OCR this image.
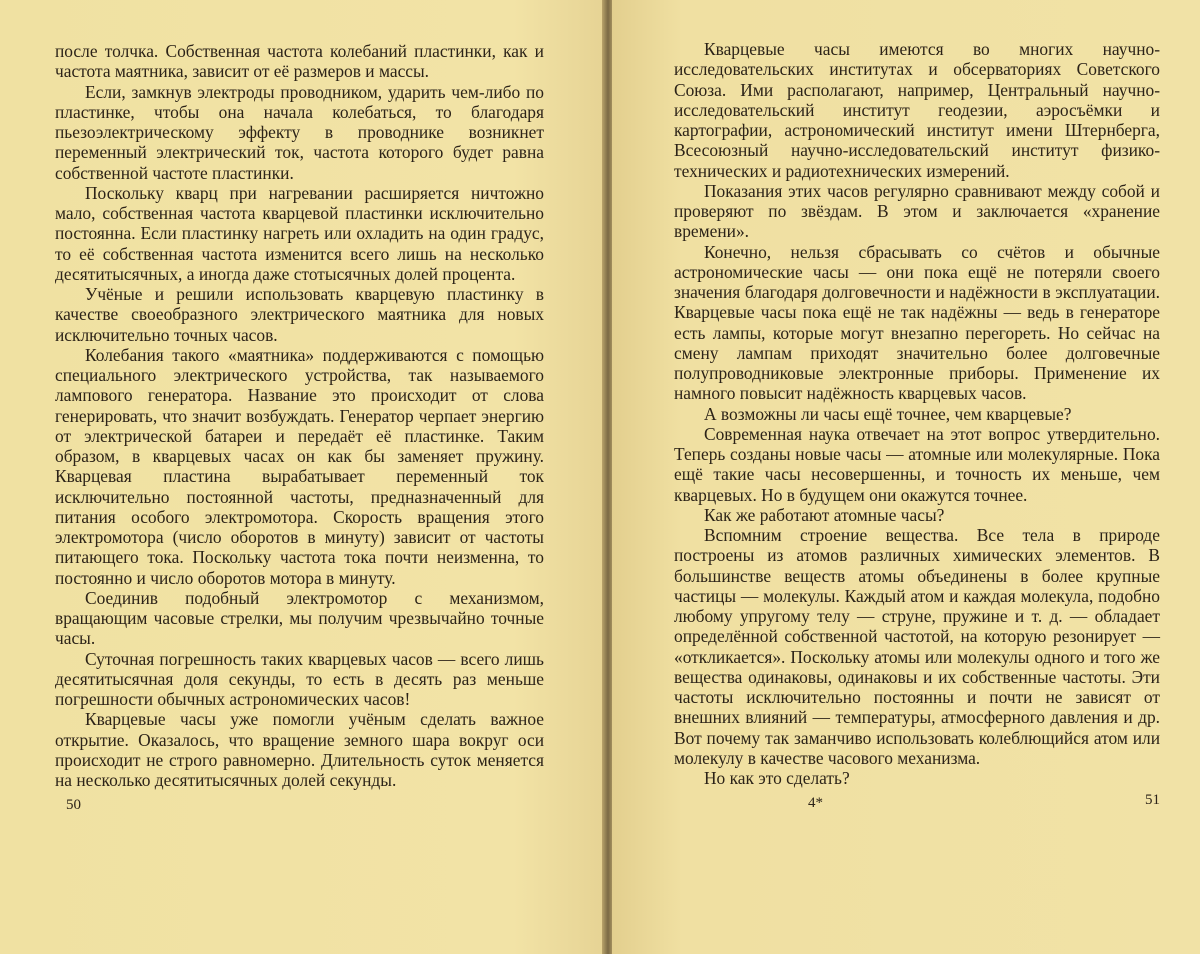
после толчка. Собственная частота колебаний пластинки, как и частота маятника, зависит от её размеров и массы.

Если, замкнув электроды проводником, ударить чем-либо по пластинке, чтобы она начала колебаться, то благодаря пьезоэлектрическому эффекту в проводнике возникнет переменный электрический ток, частота которого будет равна собственной частоте пластинки.

Поскольку кварц при нагревании расширяется ничтожно мало, собственная частота кварцевой пластинки исключительно постоянна. Если пластинку нагреть или охладить на один градус, то её собственная частота изменится всего лишь на несколько десятитысячных, а иногда даже стотысячных долей процента.

Учёные и решили использовать кварцевую пластинку в качестве своеобразного электрического маятника для новых исключительно точных часов.

Колебания такого «маятника» поддерживаются с помощью специального электрического устройства, так называемого лампового генератора. Название это происходит от слова генерировать, что значит возбуждать. Генератор черпает энергию от электрической батареи и передаёт её пластинке. Таким образом, в кварцевых часах он как бы заменяет пружину. Кварцевая пластина вырабатывает переменный ток исключительно постоянной частоты, предназначенный для питания особого электромотора. Скорость вращения этого электромотора (число оборотов в минуту) зависит от частоты питающего тока. Поскольку частота тока почти неизменна, то постоянно и число оборотов мотора в минуту.

Соединив подобный электромотор с механизмом, вращающим часовые стрелки, мы получим чрезвычайно точные часы.

Суточная погрешность таких кварцевых часов — всего лишь десятитысячная доля секунды, то есть в десять раз меньше погрешности обычных астрономических часов!

Кварцевые часы уже помогли учёным сделать важное открытие. Оказалось, что вращение земного шара вокруг оси происходит не строго равномерно. Длительность суток меняется на несколько десятитысячных долей секунды.

50

Кварцевые часы имеются во многих научно-исследовательских институтах и обсерваториях Советского Союза. Ими располагают, например, Центральный научно-исследовательский институт геодезии, аэросъёмки и картографии, астрономический институт имени Штернберга, Всесоюзный научно-исследовательский институт физико-технических и радиотехнических измерений.

Показания этих часов регулярно сравнивают между собой и проверяют по звёздам. В этом и заключается «хранение времени».

Конечно, нельзя сбрасывать со счётов и обычные астрономические часы — они пока ещё не потеряли своего значения благодаря долговечности и надёжности в эксплуатации. Кварцевые часы пока ещё не так надёжны — ведь в генераторе есть лампы, которые могут внезапно перегореть. Но сейчас на смену лампам приходят значительно более долговечные полупроводниковые электронные приборы. Применение их намного повысит надёжность кварцевых часов.

А возможны ли часы ещё точнее, чем кварцевые?

Современная наука отвечает на этот вопрос утвердительно. Теперь созданы новые часы — атомные или молекулярные. Пока ещё такие часы несовершенны, и точность их меньше, чем кварцевых. Но в будущем они окажутся точнее.

Как же работают атомные часы?

Вспомним строение вещества. Все тела в природе построены из атомов различных химических элементов. В большинстве веществ атомы объединены в более крупные частицы — молекулы. Каждый атом и каждая молекула, подобно любому упругому телу — струне, пружине и т. д. — обладает определённой собственной частотой, на которую резонирует — «откликается». Поскольку атомы или молекулы одного и того же вещества одинаковы, одинаковы и их собственные частоты. Эти частоты исключительно постоянны и почти не зависят от внешних влияний — температуры, атмосферного давления и др. Вот почему так заманчиво использовать колеблющийся атом или молекулу в качестве часового механизма.

Но как это сделать?

4*	51
